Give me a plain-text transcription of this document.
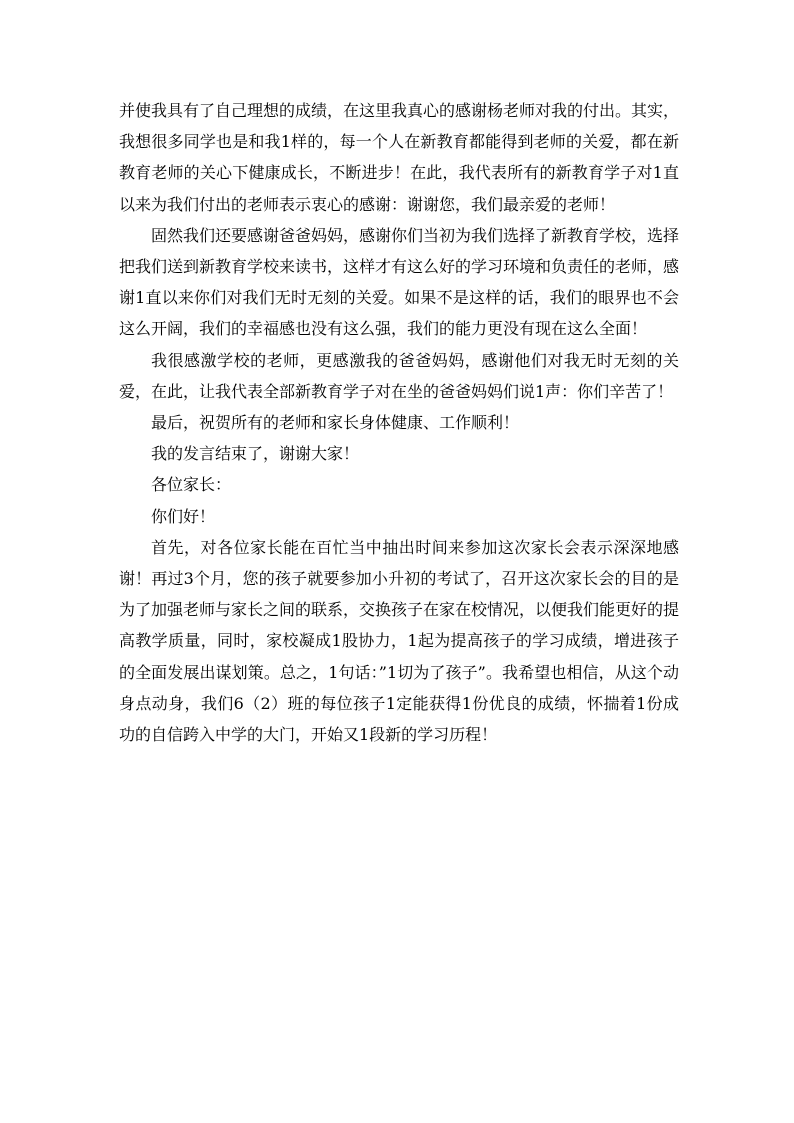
并使我具有了自己理想的成绩，在这里我真心的感谢杨老师对我的付出。其实，我想很多同学也是和我1样的，每一个人在新教育都能得到老师的关爱，都在新教育老师的关心下健康成长，不断进步！在此，我代表所有的新教育学子对1直以来为我们付出的老师表示衷心的感谢：谢谢您，我们最亲爱的老师！

固然我们还要感谢爸爸妈妈，感谢你们当初为我们选择了新教育学校，选择把我们送到新教育学校来读书，这样才有这么好的学习环境和负责任的老师，感谢1直以来你们对我们无时无刻的关爱。如果不是这样的话，我们的眼界也不会这么开阔，我们的幸福感也没有这么强，我们的能力更没有现在这么全面！

我很感激学校的老师，更感激我的爸爸妈妈，感谢他们对我无时无刻的关爱，在此，让我代表全部新教育学子对在坐的爸爸妈妈们说1声：你们辛苦了！

最后，祝贺所有的老师和家长身体健康、工作顺利！

我的发言结束了，谢谢大家！

各位家长：

你们好！

首先，对各位家长能在百忙当中抽出时间来参加这次家长会表示深深地感谢！再过3个月，您的孩子就要参加小升初的考试了，召开这次家长会的目的是为了加强老师与家长之间的联系，交换孩子在家在校情况，以便我们能更好的提高教学质量，同时，家校凝成1股协力，1起为提高孩子的学习成绩，增进孩子的全面发展出谋划策。总之，1句话：”1切为了孩子”。我希望也相信，从这个动身点动身，我们6（2）班的每位孩子1定能获得1份优良的成绩，怀揣着1份成功的自信跨入中学的大门，开始又1段新的学习历程！
